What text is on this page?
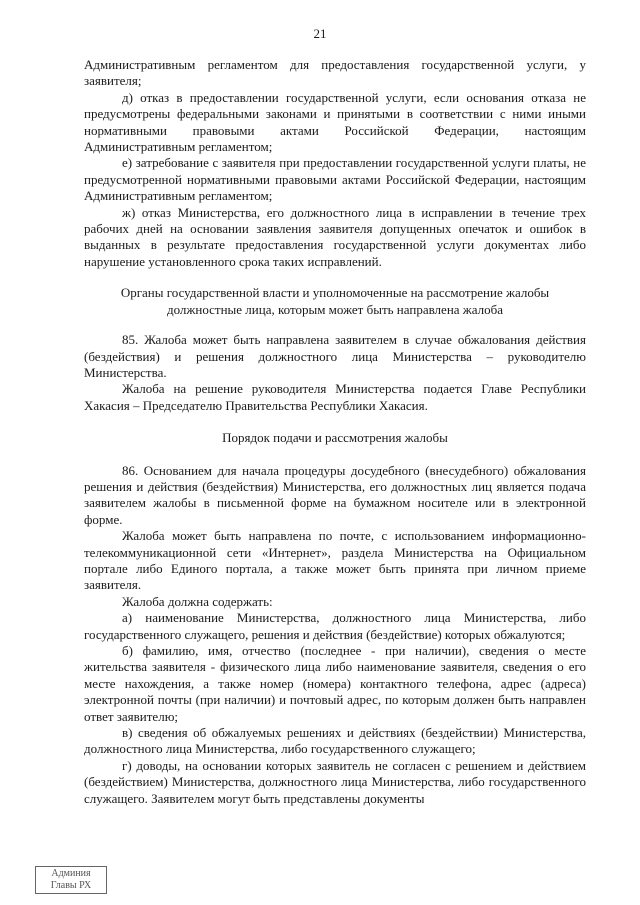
21

Административным регламентом для предоставления государственной услуги, у заявителя;

д) отказ в предоставлении государственной услуги, если основания отказа не предусмотрены федеральными законами и принятыми в соответствии с ними иными нормативными правовыми актами Российской Федерации, настоящим Административным регламентом;

е) затребование с заявителя при предоставлении государственной услуги платы, не предусмотренной нормативными правовыми актами Российской Федерации, настоящим Административным регламентом;

ж) отказ Министерства, его должностного лица в исправлении в течение трех рабочих дней на основании заявления заявителя допущенных опечаток и ошибок в выданных в результате предоставления государственной услуги документах либо нарушение установленного срока таких исправлений.

Органы государственной власти и уполномоченные на рассмотрение жалобы должностные лица, которым может быть направлена жалоба

85. Жалоба может быть направлена заявителем в случае обжалования действия (бездействия) и решения должностного лица Министерства – руководителю Министерства.

Жалоба на решение руководителя Министерства подается Главе Республики Хакасия – Председателю Правительства Республики Хакасия.

Порядок подачи и рассмотрения жалобы

86. Основанием для начала процедуры досудебного (внесудебного) обжалования решения и действия (бездействия) Министерства, его должностных лиц является подача заявителем жалобы в письменной форме на бумажном носителе или в электронной форме.

Жалоба может быть направлена по почте, с использованием информационно-телекоммуникационной сети «Интернет», раздела Министерства на Официальном портале либо Единого портала, а также может быть принята при личном приеме заявителя.

Жалоба должна содержать:

а) наименование Министерства, должностного лица Министерства, либо государственного служащего, решения и действия (бездействие) которых обжалуются;

б) фамилию, имя, отчество (последнее - при наличии), сведения о месте жительства заявителя - физического лица либо наименование заявителя, сведения о его месте нахождения, а также номер (номера) контактного телефона, адрес (адреса) электронной почты (при наличии) и почтовый адрес, по которым должен быть направлен ответ заявителю;

в) сведения об обжалуемых решениях и действиях (бездействии) Министерства, должностного лица Министерства, либо государственного служащего;

г) доводы, на основании которых заявитель не согласен с решением и действием (бездействием) Министерства, должностного лица Министерства, либо государственного служащего. Заявителем могут быть представлены документы

Админия
Главы РХ
